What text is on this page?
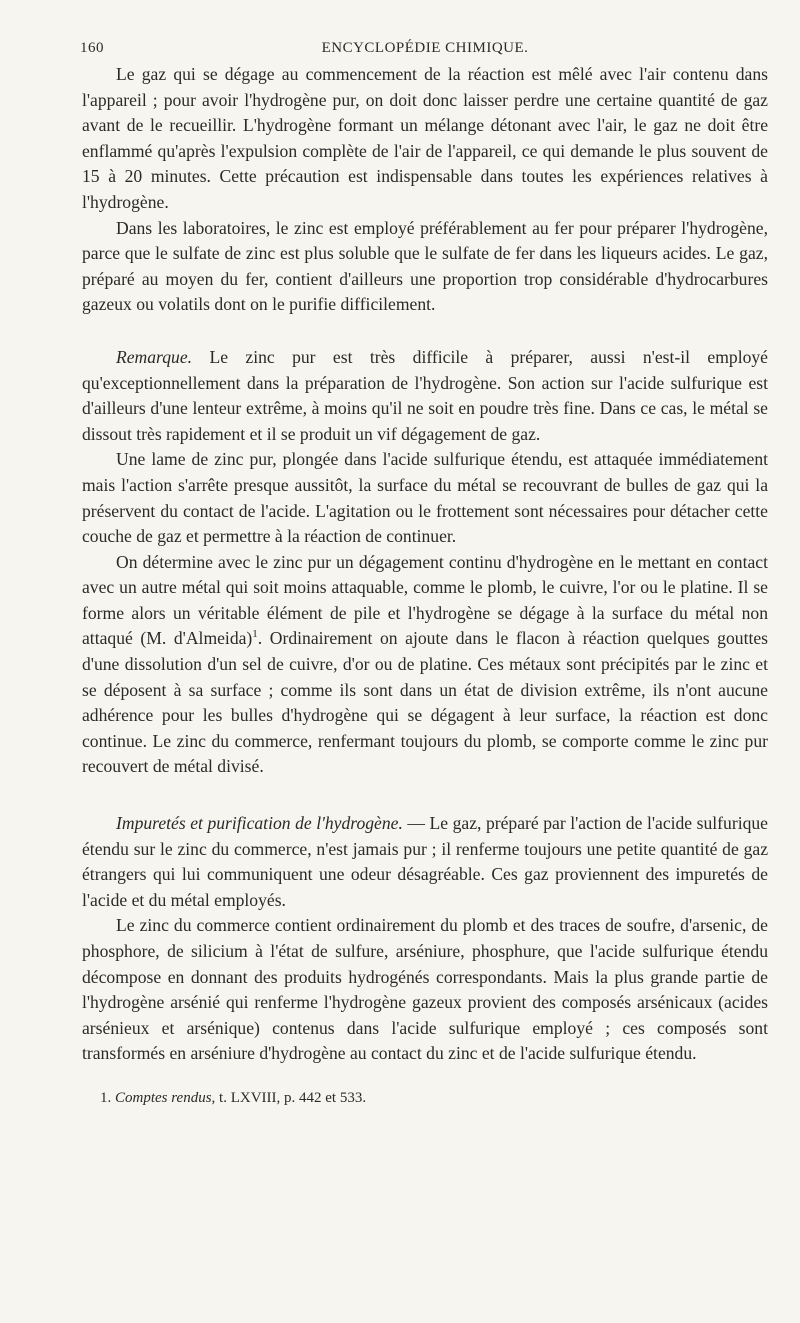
160	ENCYCLOPÉDIE CHIMIQUE.

Le gaz qui se dégage au commencement de la réaction est mêlé avec l'air contenu dans l'appareil ; pour avoir l'hydrogène pur, on doit donc laisser perdre une certaine quantité de gaz avant de le recueillir. L'hydrogène formant un mélange détonant avec l'air, le gaz ne doit être enflammé qu'après l'expulsion complète de l'air de l'appareil, ce qui demande le plus souvent de 15 à 20 minutes. Cette précaution est indispensable dans toutes les expériences relatives à l'hydrogène.

Dans les laboratoires, le zinc est employé préférablement au fer pour préparer l'hydrogène, parce que le sulfate de zinc est plus soluble que le sulfate de fer dans les liqueurs acides. Le gaz, préparé au moyen du fer, contient d'ailleurs une proportion trop considérable d'hydrocarbures gazeux ou volatils dont on le purifie difficilement.

Remarque. Le zinc pur est très difficile à préparer, aussi n'est-il employé qu'exceptionnellement dans la préparation de l'hydrogène. Son action sur l'acide sulfurique est d'ailleurs d'une lenteur extrême, à moins qu'il ne soit en poudre très fine. Dans ce cas, le métal se dissout très rapidement et il se produit un vif dégagement de gaz.

Une lame de zinc pur, plongée dans l'acide sulfurique étendu, est attaquée immédiatement mais l'action s'arrête presque aussitôt, la surface du métal se recouvrant de bulles de gaz qui la préservent du contact de l'acide. L'agitation ou le frottement sont nécessaires pour détacher cette couche de gaz et permettre à la réaction de continuer.

On détermine avec le zinc pur un dégagement continu d'hydrogène en le mettant en contact avec un autre métal qui soit moins attaquable, comme le plomb, le cuivre, l'or ou le platine. Il se forme alors un véritable élément de pile et l'hydrogène se dégage à la surface du métal non attaqué (M. d'Almeida)$^1$. Ordinairement on ajoute dans le flacon à réaction quelques gouttes d'une dissolution d'un sel de cuivre, d'or ou de platine. Ces métaux sont précipités par le zinc et se déposent à sa surface ; comme ils sont dans un état de division extrême, ils n'ont aucune adhérence pour les bulles d'hydrogène qui se dégagent à leur surface, la réaction est donc continue. Le zinc du commerce, renfermant toujours du plomb, se comporte comme le zinc pur recouvert de métal divisé.

Impuretés et purification de l'hydrogène. — Le gaz, préparé par l'action de l'acide sulfurique étendu sur le zinc du commerce, n'est jamais pur ; il renferme toujours une petite quantité de gaz étrangers qui lui communiquent une odeur désagréable. Ces gaz proviennent des impuretés de l'acide et du métal employés.

Le zinc du commerce contient ordinairement du plomb et des traces de soufre, d'arsenic, de phosphore, de silicium à l'état de sulfure, arséniure, phosphure, que l'acide sulfurique étendu décompose en donnant des produits hydrogénés correspondants. Mais la plus grande partie de l'hydrogène arsénié qui renferme l'hydrogène gazeux provient des composés arsénicaux (acides arsénieux et arsénique) contenus dans l'acide sulfurique employé ; ces composés sont transformés en arséniure d'hydrogène au contact du zinc et de l'acide sulfurique étendu.

1. Comptes rendus, t. LXVIII, p. 442 et 533.
